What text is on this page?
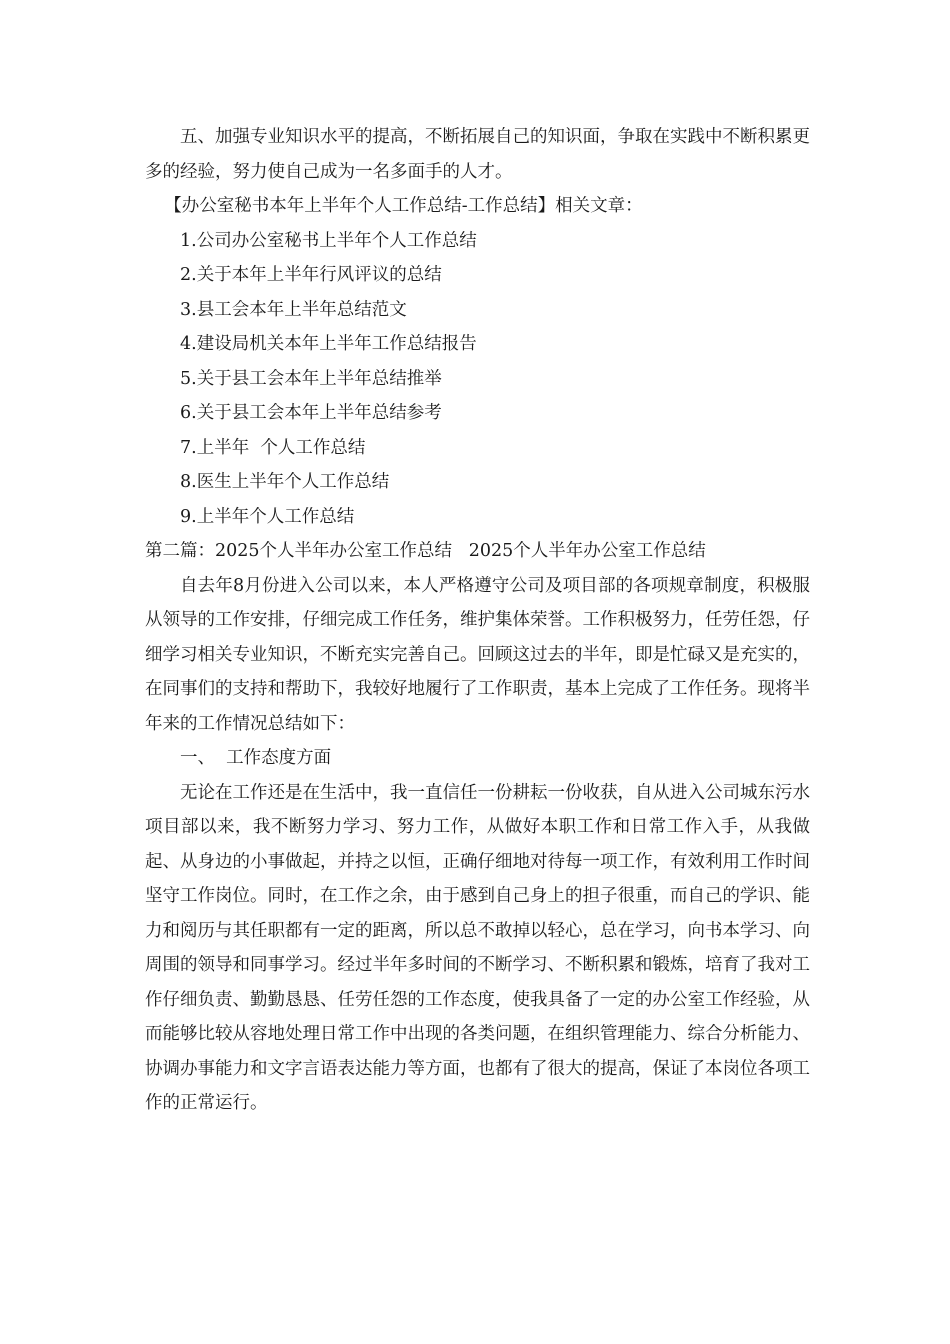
五、加强专业知识水平的提高，不断拓展自己的知识面，争取在实践中不断积累更多的经验，努力使自己成为一名多面手的人才。

【办公室秘书本年上半年个人工作总结-工作总结】相关文章：

1.公司办公室秘书上半年个人工作总结

2.关于本年上半年行风评议的总结

3.县工会本年上半年总结范文

4.建设局机关本年上半年工作总结报告

5.关于县工会本年上半年总结推举

6.关于县工会本年上半年总结参考

7.上半年  个人工作总结

8.医生上半年个人工作总结

9.上半年个人工作总结

第二篇：2025个人半年办公室工作总结   2025个人半年办公室工作总结

自去年8月份进入公司以来，本人严格遵守公司及项目部的各项规章制度，积极服从领导的工作安排，仔细完成工作任务，维护集体荣誉。工作积极努力，任劳任怨，仔细学习相关专业知识，不断充实完善自己。回顾这过去的半年，即是忙碌又是充实的，在同事们的支持和帮助下，我较好地履行了工作职责，基本上完成了工作任务。现将半年来的工作情况总结如下：

一、  工作态度方面

无论在工作还是在生活中，我一直信任一份耕耘一份收获，自从进入公司城东污水项目部以来，我不断努力学习、努力工作，从做好本职工作和日常工作入手，从我做起、从身边的小事做起，并持之以恒，正确仔细地对待每一项工作，有效利用工作时间坚守工作岗位。同时，在工作之余，由于感到自己身上的担子很重，而自己的学识、能力和阅历与其任职都有一定的距离，所以总不敢掉以轻心，总在学习，向书本学习、向周围的领导和同事学习。经过半年多时间的不断学习、不断积累和锻炼，培育了我对工作仔细负责、勤勤恳恳、任劳任怨的工作态度，使我具备了一定的办公室工作经验，从而能够比较从容地处理日常工作中出现的各类问题，在组织管理能力、综合分析能力、协调办事能力和文字言语表达能力等方面，也都有了很大的提高，保证了本岗位各项工作的正常运行。
